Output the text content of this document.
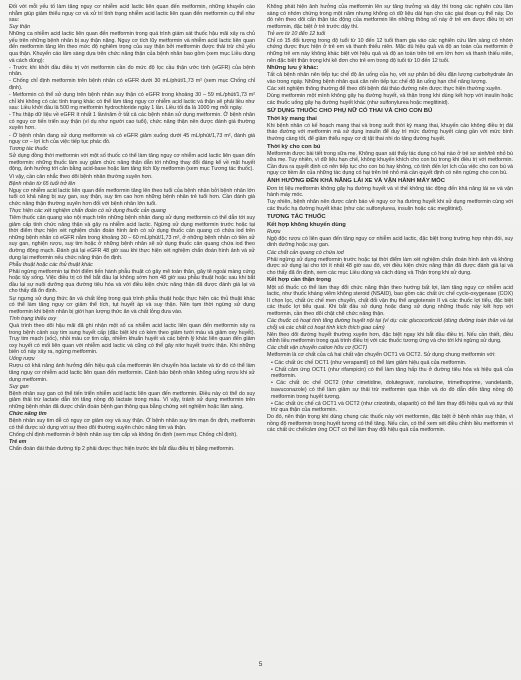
Đối với mỗi yếu tố làm tăng nguy cơ nhiễm acid lactic liên quan đến metformin, những khuyến cáo nhằm giúp giảm thiểu nguy cơ và xử trí tình trạng nhiễm acid lactic liên quan đến metformin cụ thể như sau:

Suy thận

Những ca nhiễm acid lactic liên quan đến metformin trong quá trình giám sát thuốc hậu mãi xảy ra chủ yếu trên những bệnh nhân bị suy thận nặng. Nguy cơ tích lũy metformin và nhiễm acid lactic liên quan đến metformin tăng lên theo mức độ nghiêm trọng của suy thận bởi metformin được thải trừ chủ yếu qua thận. Khuyến cáo lâm sàng dựa trên chức năng thận của bệnh nhân bao gồm (xem mục Liều dùng và cách dùng):

- Trước khi khởi đầu điều trị với metformin cần đo mức độ lọc cầu thận ước tính (eGFR) của bệnh nhân.

- Chống chỉ định metformin trên bệnh nhân có eGFR dưới 30 mL/phút/1,73 m² (xem mục Chống chỉ định).

- Metformin có thể sử dụng trên bệnh nhân suy thận có eGFR trong khoảng 30 – 59 mL/phút/1,73 m² chỉ khi không có các tình trạng khác có thể làm tăng nguy cơ nhiễm acid lactic và thận sẽ phải liều như sau: Liều khởi đầu là 500 mg metformin hydrochloride ngày 1 lần. Liều tối đa là 1000 mg mỗi ngày.

- Thu thập dữ liệu về eGFR ít nhất 1 lần/năm ở tất cả các bệnh nhân sử dụng metformin. Ở bệnh nhân có nguy cơ tiến triển suy thận (ví dụ như người cao tuổi), chức năng thận nên được đánh giá thường xuyên hơn.

- Ở bệnh nhân đang sử dụng metformin và có eGFR giảm xuống dưới 45 mL/phút/1,73 m², đánh giá nguy cơ – lợi ích của việc tiếp tục phác đồ.

Tương tác thuốc

Sử dụng đồng thời metformin với một số thuốc có thể làm tăng nguy cơ nhiễm acid lactic liên quan đến metformin: những thuốc làm suy giảm chức năng thận dẫn tới những thay đổi đáng kể về mặt huyết động, ảnh hưởng tới cân bằng acid-base hoặc làm tăng tích lũy metformin (xem mục Tương tác thuốc).

Vì vậy, cần cân nhắc theo dõi bệnh nhân thường xuyên hơn.

Bệnh nhân từ 65 tuổi trở lên

Nguy cơ nhiễm acid lactic liên quan đến metformin tăng lên theo tuổi của bệnh nhân bởi bệnh nhân lớn tuổi có khả năng bị suy gan, suy thận, suy tim cao hơn những bệnh nhân trẻ tuổi hơn. Cần đánh giá chức năng thận thường xuyên hơn đối với bệnh nhân lớn tuổi.

Thực hiện các xét nghiệm chẩn đoán có sử dụng thuốc cản quang

Tiêm thuốc cản quang vào nội mạch trên những bệnh nhân đang sử dụng metformin có thể dẫn tới suy giảm cấp tính chức năng thận và gây ra nhiễm acid lactic. Ngừng sử dụng metformin trước hoặc tại thời điểm thực hiện xét nghiệm chẩn đoán hình ảnh có sử dụng thuốc cản quang có chứa iod trên những bệnh nhân có eGFR nằm trong khoảng 30 – 60 mL/phút/1,73 m², ở những bệnh nhân có tiền sử suy gan, nghiện rượu, suy tim hoặc ở những bệnh nhân sẽ sử dụng thuốc cản quang chứa iod theo đường động mạch. Đánh giá lại eGFR 48 giờ sau khi thực hiện xét nghiệm chẩn đoán hình ảnh và sử dụng lại metformin nếu chức năng thận ổn định.

Phẫu thuật hoặc các thủ thuật khác

Phải ngừng metformin tại thời điểm tiến hành phẫu thuật có gây mê toàn thân, gây tê ngoài màng cứng hoặc tủy sống. Việc điều trị có thể bắt đầu lại không sớm hơn 48 giờ sau phẫu thuật hoặc sau khi bắt đầu lại sự nuôi dưỡng qua đường tiêu hóa và với điều kiện chức năng thận đã được đánh giá lại và cho thấy đã ổn định.

Sự ngưng sử dụng thức ăn và chất lỏng trong quá trình phẫu thuật hoặc thực hiện các thủ thuật khác có thể làm tăng nguy cơ giảm thể tích, tụt huyết áp và suy thận. Nên tạm thời ngừng sử dụng metformin khi bệnh nhân bị giới hạn lượng thức ăn và chất lỏng đưa vào.

Tình trạng thiếu oxy

Quá trình theo dõi hậu mãi đã ghi nhận một số ca nhiễm acid lactic liên quan đến metformin xảy ra trong bệnh cảnh suy tim sung huyết cấp (đặc biệt khi có kèm theo giảm tưới máu và giảm oxy huyết). Trụy tim mạch (sốc), nhồi máu cơ tim cấp, nhiễm khuẩn huyết và các bệnh lý khác liên quan đến giảm oxy huyết có mối liên quan với nhiễm acid lactic và cũng có thể gây nitơ huyết trước thận. Khi những biến cố này xảy ra, ngừng metformin.

Uống rượu

Rượu có khả năng ảnh hưởng đến hiệu quả của metformin lên chuyển hóa lactate và từ đó có thể làm tăng nguy cơ nhiễm acid lactic liên quan đến metformin. Cảnh báo bệnh nhân không uống rượu khi sử dụng metformin.

Suy gan

Bệnh nhân suy gan có thể tiến triển nhiễm acid lactic liên quan đến metformin. Điều này có thể do suy giảm thải trừ lactate dẫn tới tăng nồng độ lactate trong máu. Vì vậy, tránh sử dụng metformin trên những bệnh nhân đã được chẩn đoán bệnh gan thông qua bằng chứng xét nghiệm hoặc lâm sàng.

Chức năng tim

Bệnh nhân suy tim dễ có nguy cơ giảm oxy và suy thận. Ở bệnh nhân suy tim mạn ổn định, metformin có thể được sử dụng với sự theo dõi thường xuyên chức năng tim và thận.

Chống chỉ định metformin ở bệnh nhân suy tim cấp và không ổn định (xem mục Chống chỉ định).

Trẻ em

Chẩn đoán đái tháo đường típ 2 phải được thực hiện trước khi bắt đầu điều trị bằng metformin.

Không phát hiện ảnh hưởng của metformin lên sự tăng trưởng và dậy thì trong các nghiên cứu lâm sàng có nhóm chứng trong một năm nhưng không có dữ liệu dài hạn cho các giai đoạn cụ thể này. Do đó nên theo dõi cẩn thận tác động của metformin lên những thông số này ở trẻ em được điều trị với metformin, đặc biệt ở trẻ trước dậy thì.

Trẻ em từ 10 đến 12 tuổi

Chỉ có 15 đối tượng trong độ tuổi từ 10 đến 12 tuổi tham gia vào các nghiên cứu lâm sàng có nhóm chứng được thực hiện ở trẻ em và thanh thiếu niên. Mặc dù hiệu quả và độ an toàn của metformin ở những trẻ em này không khác biệt với hiệu quả và độ an toàn trên trẻ em lớn hơn và thanh thiếu niên, nên đặc biệt thận trọng khi kê đơn cho trẻ em trong độ tuổi từ 10 đến 12 tuổi.

Những lưu ý khác:

Tất cả bệnh nhân nên tiếp tục chế độ ăn uống của họ, với sự phân bố đều đặn lượng carbohydrate ăn vào trong ngày. Những bệnh nhân quá cân nên tiếp tục chế độ ăn uống hạn chế năng lượng.

Các xét nghiệm thông thường để theo dõi bệnh đái tháo đường nên được thực hiện thường xuyên.

Dùng metformin một mình không gây hạ đường huyết, và thận trọng khi dùng kết hợp với insulin hoặc các thuốc uống gây hạ đường huyết khác (như sulfonylurea hoặc meglitinid).

SỬ DỤNG THUỐC CHO PHỤ NỮ CÓ THAI VÀ CHO CON BÚ

Thời kỳ mang thai

Khi bệnh nhân có kế hoạch mang thai và trong suốt thời kỳ mang thai, khuyến cáo không điều trị đái tháo đường với metformin mà sử dụng insulin để duy trì mức đường huyết càng gần với mức bình thường càng tốt, để giảm thiểu nguy cơ dị tật thai nhi do tăng đường huyết.

Thời kỳ cho con bú

Metformin được bài tiết trong sữa mẹ. Không quan sát thấy tác dụng có hại nào ở trẻ sơ sinh/trẻ nhỏ bú sữa mẹ. Tuy nhiên, vì dữ liệu hạn chế, không khuyến khích cho con bú trong khi điều trị với metformin. Cần đưa ra quyết định có nên tiếp tục cho con bú hay không, có tính đến lợi ích của việc cho con bú và nguy cơ tiềm ẩn của những tác dụng có hại trên trẻ nhỏ mà cần quyết định có nên ngừng cho con bú.

ẢNH HƯỞNG ĐẾN KHẢ NĂNG LÁI XE VÀ VẬN HÀNH MÁY MÓC

Đơn trị liệu metformin không gây hạ đường huyết và vì thế không tác động đến khả năng lái xe và vận hành máy móc.

Tuy nhiên, bệnh nhân nên được cảnh báo về nguy cơ hạ đường huyết khi sử dụng metformin cùng với các thuốc hạ đường huyết khác (như các sulfonylurea, insulin hoặc các meglitinid).

TƯƠNG TÁC THUỐC

Kết hợp không khuyến dùng

Rượu

Ngộ độc rượu có liên quan đến tăng nguy cơ nhiễm acid lactic, đặc biệt trong trường hợp nhịn đói, suy dinh dưỡng hoặc suy gan.

Các chất cản quang có chứa iod

Phải ngừng sử dụng metformin trước hoặc tại thời điểm làm xét nghiệm chẩn đoán hình ảnh và không được sử dụng lại cho tới ít nhất 48 giờ sau đó, với điều kiện chức năng thận đã được đánh giá lại và cho thấy đã ổn định, xem các mục Liều dùng và cách dùng và Thận trọng khi sử dụng.

Kết hợp cần thận trọng

Một số thuốc có thể làm thay đổi chức năng thận theo hướng bất lợi, làm tăng nguy cơ nhiễm acid lactic, như thuốc kháng viêm không steroid (NSAID), bao gồm các chất ức chế cyclo-oxygenase (COX) II chọn lọc, chất ức chế men chuyển, chất đối vận thụ thể angiotensin II và các thuốc lợi tiểu, đặc biệt các thuốc lợi tiểu quai. Khi bắt đầu sử dụng hoặc đang sử dụng những thuốc này kết hợp với metformin, cần theo dõi chặt chẽ chức năng thận.

Các thuốc có hoạt tính tăng đường huyết nội tại (ví dụ: các glucocorticoid (dùng đường toàn thân và tại chỗ) và các chất có hoạt tính kích thích giao cảm)

Nên theo dõi đường huyết thường xuyên hơn, đặc biệt ngay khi bắt đầu điều trị. Nếu cần thiết, điều chỉnh liều metformin trong quá trình điều trị với các thuốc tương ứng và cho tới khi ngừng sử dụng.

Các chất vận chuyển cation hữu cơ (OCT)

Metformin là cơ chất của cả hai chất vận chuyển OCT1 và OCT2. Sử dụng chung metformin với:

• Các chất ức chế OCT1 (như verapamil) có thể làm giảm hiệu quả của metformin.

• Chất cảm ứng OCT1 (như rifampicin) có thể làm tăng hấp thu ở đường tiêu hóa và hiệu quả của metformin.

• Các chất ức chế OCT2 (như cimetidine, dolutegravir, ranolazine, trimethoprime, vandetanib, isavuconazole) có thể làm giảm sự thải trừ metformin qua thận và do đó dẫn đến tăng nồng độ metformin trong huyết tương.

• Các chất ức chế cả OCT1 và OCT2 (như crizotinib, olaparib) có thể làm thay đổi hiệu quả và sự thải trừ qua thận của metformin.

Do đó, nên thận trọng khi dùng chung các thuốc này với metformin, đặc biệt ở bệnh nhân suy thận, vì nồng độ metformin trong huyết tương có thể tăng. Nếu cần, có thể xem xét điều chỉnh liều metformin vì các chất ức chế/cảm ứng OCT có thể làm thay đổi hiệu quả của metformin.

5
